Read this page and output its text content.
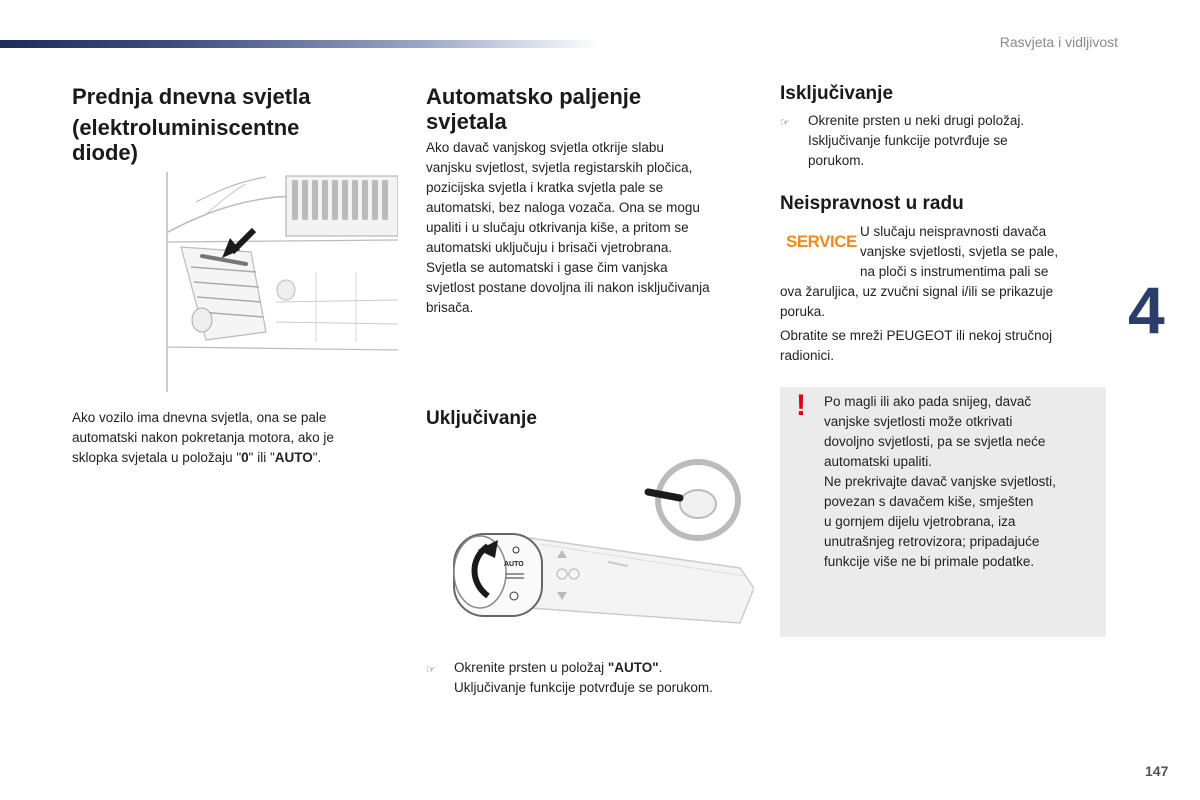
Rasvjeta i vidljivost
4
147
Prednja dnevna svjetla
(elektroluminiscentne
diode)
Ako vozilo ima dnevna svjetla, ona se pale
automatski nakon pokretanja motora, ako je
sklopka svjetala u položaju "0" ili "AUTO".
Automatsko paljenje
svjetala
Ako davač vanjskog svjetla otkrije slabu
vanjsku svjetlost, svjetla registarskih pločica,
pozicijska svjetla i kratka svjetla pale se
automatski, bez naloga vozača. Ona se mogu
upaliti i u slučaju otkrivanja kiše, a pritom se
automatski uključuju i brisači vjetrobrana.
Svjetla se automatski i gase čim vanjska
svjetlost postane dovoljna ili nakon isključivanja
brisača.
Uključivanje
AUTO
☞	Okrenite prsten u položaj "AUTO".
Uključivanje funkcije potvrđuje se porukom.
Isključivanje
☞	Okrenite prsten u neki drugi položaj.
Isključivanje funkcije potvrđuje se
porukom.
Neispravnost u radu
SERVICE
U slučaju neispravnosti davača
vanjske svjetlosti, svjetla se pale,
na ploči s instrumentima pali se
ova žaruljica, uz zvučni signal i/ili se prikazuje
poruka.
Obratite se mreži PEUGEOT ili nekoj stručnoj
radionici.
! Po magli ili ako pada snijeg, davač
vanjske svjetlosti može otkrivati
dovoljno svjetlosti, pa se svjetla neće
automatski upaliti.
Ne prekrivajte davač vanjske svjetlosti,
povezan s davačem kiše, smješten
u gornjem dijelu vjetrobrana, iza
unutrašnjeg retrovizora; pripadajuće
funkcije više ne bi primale podatke.
